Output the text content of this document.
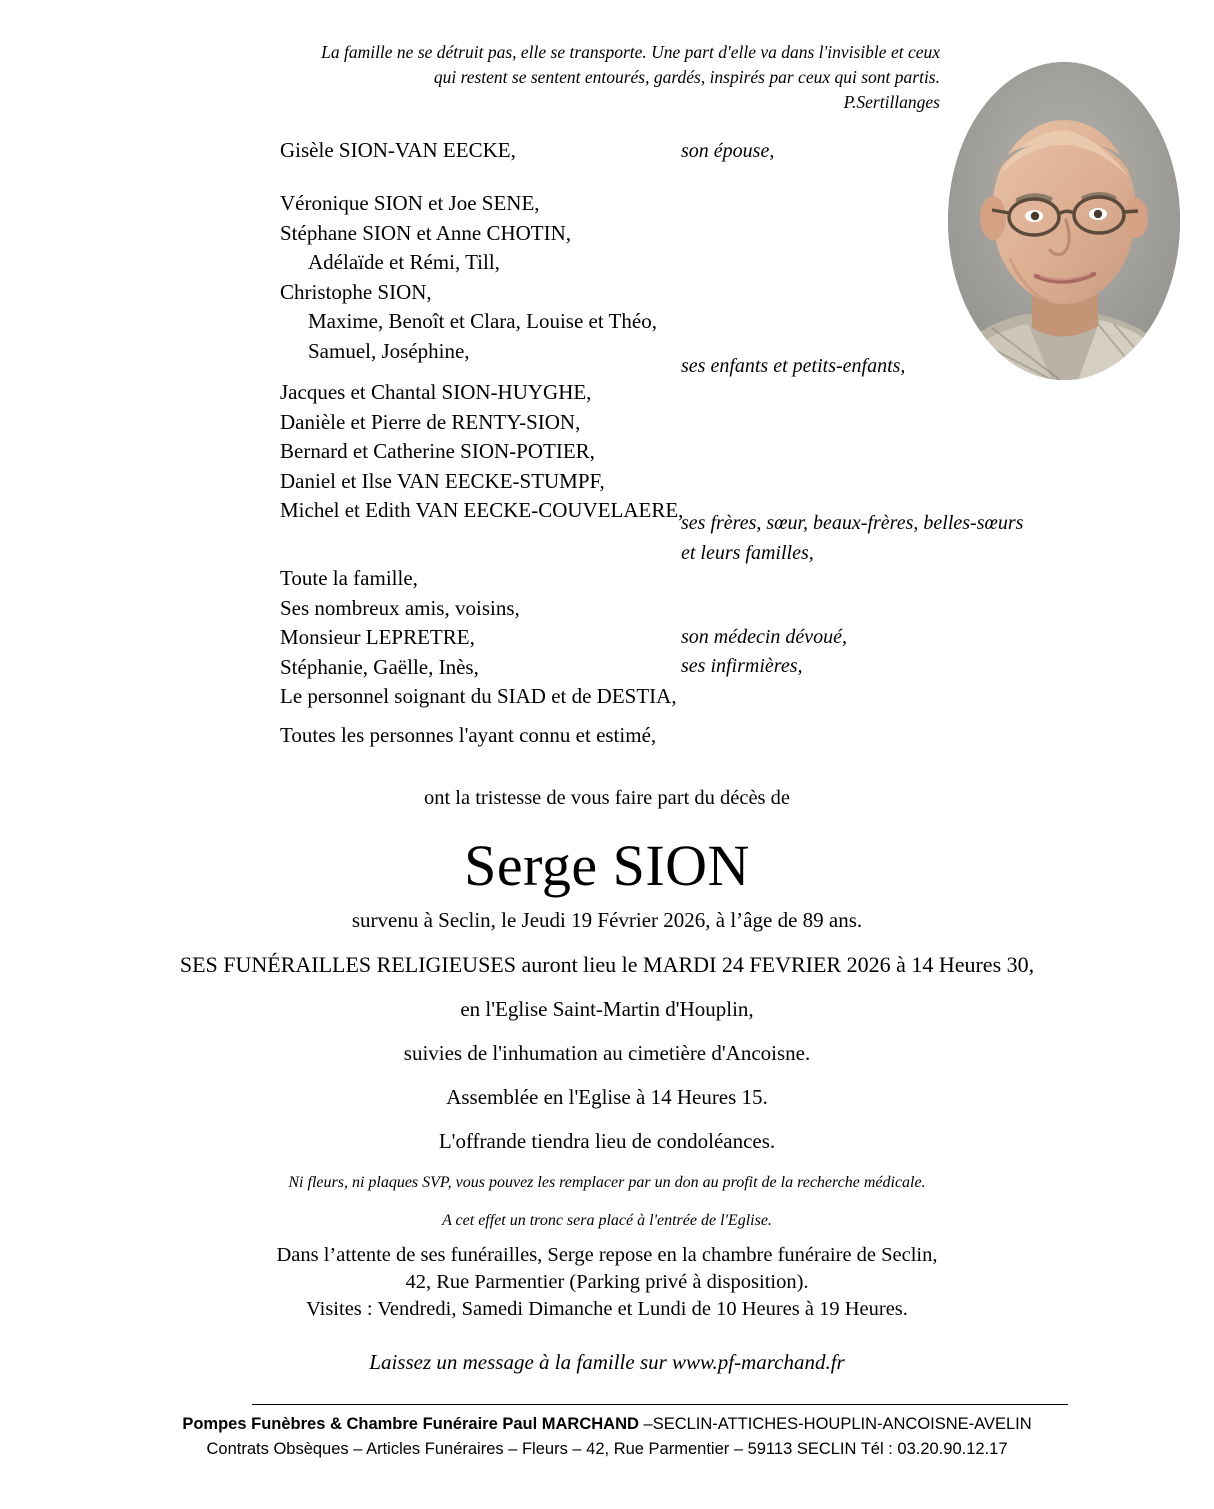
La famille ne se détruit pas, elle se transporte. Une part d'elle va dans l'invisible et ceux
qui restent se sentent entourés, gardés, inspirés par ceux qui sont partis.
P.Sertillanges
Gisèle SION-VAN EECKE,	son épouse,
Véronique SION et Joe SENE,
Stéphane SION et Anne CHOTIN,
Adélaïde et Rémi, Till,
Christophe SION,
Maxime, Benoît et Clara, Louise et Théo,
Samuel, Joséphine,
ses enfants et petits-enfants,
Jacques et Chantal SION-HUYGHE,
Danièle et Pierre de RENTY-SION,
Bernard et Catherine SION-POTIER,
Daniel et Ilse VAN EECKE-STUMPF,
Michel et Edith VAN EECKE-COUVELAERE,
ses frères, sœur, beaux-frères, belles-sœurs
et leurs familles,
Toute la famille,
Ses nombreux amis, voisins,
Monsieur LEPRETRE,
Stéphanie, Gaëlle, Inès,
Le personnel soignant du SIAD et de DESTIA,
son médecin dévoué,
ses infirmières,
Toutes les personnes l'ayant connu et estimé,
ont la tristesse de vous faire part du décès de
Serge SION
survenu à Seclin, le Jeudi 19 Février 2026, à l’âge de 89 ans.
SES FUNÉRAILLES RELIGIEUSES auront lieu le MARDI 24 FEVRIER 2026 à 14 Heures 30,
en l'Eglise Saint-Martin d'Houplin,
suivies de l'inhumation au cimetière d'Ancoisne.
Assemblée en l'Eglise à 14 Heures 15.
L'offrande tiendra lieu de condoléances.
Ni fleurs, ni plaques SVP, vous pouvez les remplacer par un don au profit de la recherche médicale.
A cet effet un tronc sera placé à l'entrée de l'Eglise.
Dans l’attente de ses funérailles, Serge repose en la chambre funéraire de Seclin,
42, Rue Parmentier (Parking privé à disposition).
Visites : Vendredi, Samedi Dimanche et Lundi de 10 Heures à 19 Heures.
Laissez un message à la famille sur www.pf-marchand.fr
Pompes Funèbres & Chambre Funéraire Paul MARCHAND –SECLIN-ATTICHES-HOUPLIN-ANCOISNE-AVELIN
Contrats Obsèques – Articles Funéraires – Fleurs – 42, Rue Parmentier – 59113 SECLIN Tél : 03.20.90.12.17
